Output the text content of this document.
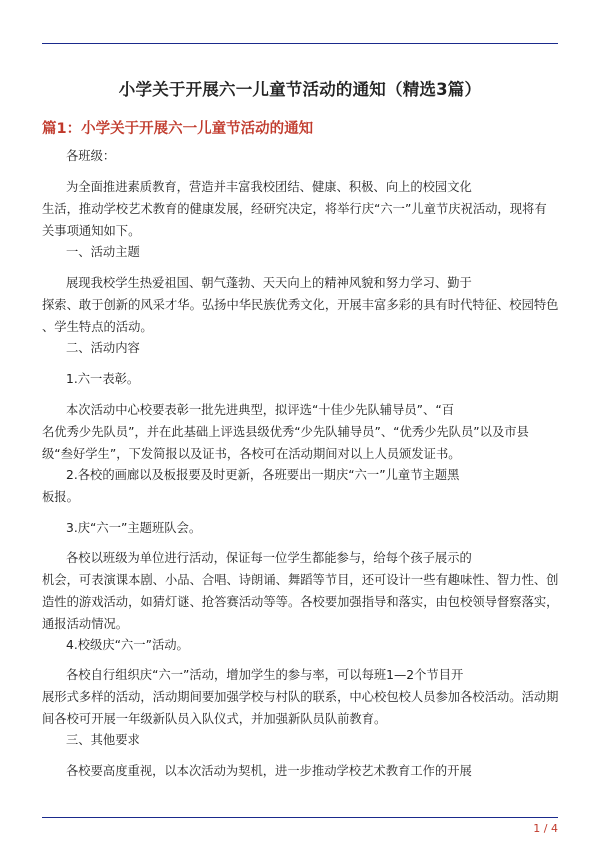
小学关于开展六一儿童节活动的通知（精选3篇）
篇1：小学关于开展六一儿童节活动的通知
各班级：
为全面推进素质教育，营造并丰富我校团结、健康、积极、向上的校园文化
生活，推动学校艺术教育的健康发展，经研究决定，将举行庆“六一”儿童节庆祝活动，现将有
关事项通知如下。
一、活动主题
展现我校学生热爱祖国、朝气蓬勃、天天向上的精神风貌和努力学习、勤于
探索、敢于创新的风采才华。弘扬中华民族优秀文化，开展丰富多彩的具有时代特征、校园特色
、学生特点的活动。
二、活动内容
1.六一表彰。
本次活动中心校要表彰一批先进典型，拟评选“十佳少先队辅导员”、“百
名优秀少先队员”，并在此基础上评选县级优秀“少先队辅导员”、“优秀少先队员”以及市县
级“叁好学生”，下发简报以及证书，各校可在活动期间对以上人员颁发证书。
2.各校的画廊以及板报要及时更新，各班要出一期庆“六一”儿童节主题黑
板报。
3.庆“六一”主题班队会。
各校以班级为单位进行活动，保证每一位学生都能参与，给每个孩子展示的
机会，可表演课本剧、小品、合唱、诗朗诵、舞蹈等节目，还可设计一些有趣味性、智力性、创
造性的游戏活动，如猜灯谜、抢答赛活动等等。各校要加强指导和落实，由包校领导督察落实，
通报活动情况。
4.校级庆“六一”活动。
各校自行组织庆“六一”活动，增加学生的参与率，可以每班1—2个节目开
展形式多样的活动，活动期间要加强学校与村队的联系，中心校包校人员参加各校活动。活动期
间各校可开展一年级新队员入队仪式，并加强新队员队前教育。
三、其他要求
各校要高度重视，以本次活动为契机，进一步推动学校艺术教育工作的开展
1 / 4
